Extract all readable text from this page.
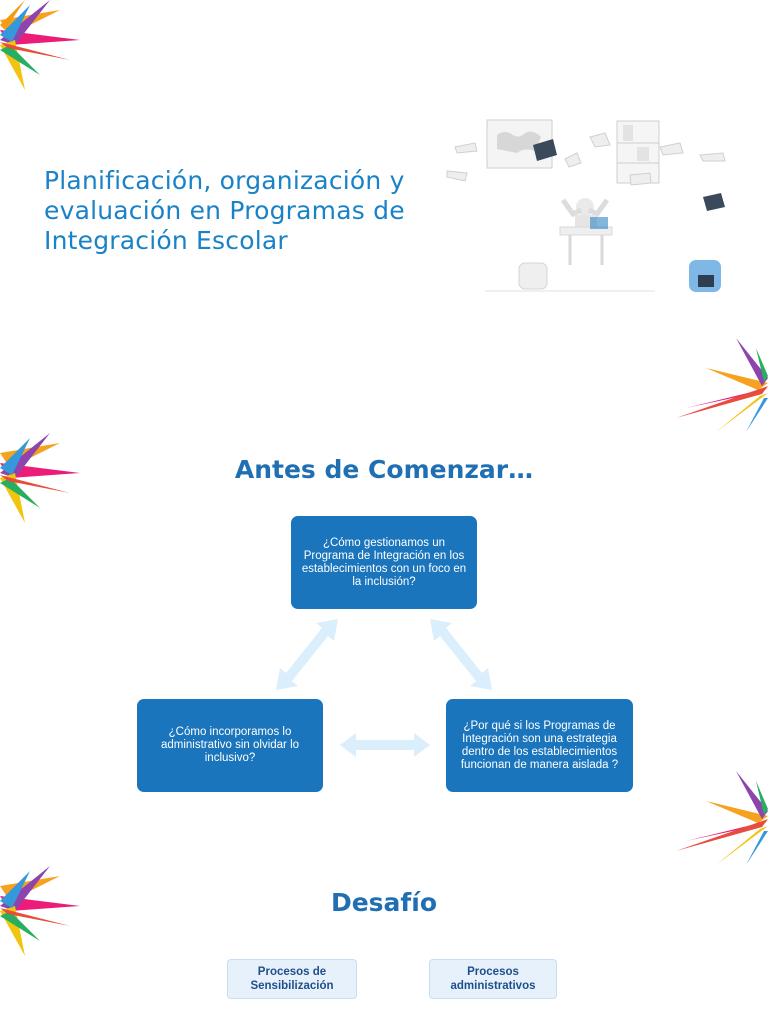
Planificación, organización y evaluación en Programas de Integración Escolar
Antes de Comenzar…
¿Cómo gestionamos un Programa de Integración en los establecimientos con un foco en la inclusión?
¿Cómo incorporamos lo administrativo sin olvidar lo inclusivo?
¿Por qué si los Programas de Integración son una estrategia dentro de los establecimientos funcionan de manera aislada ?
Desafío
Procesos de Sensibilización
Procesos administrativos
